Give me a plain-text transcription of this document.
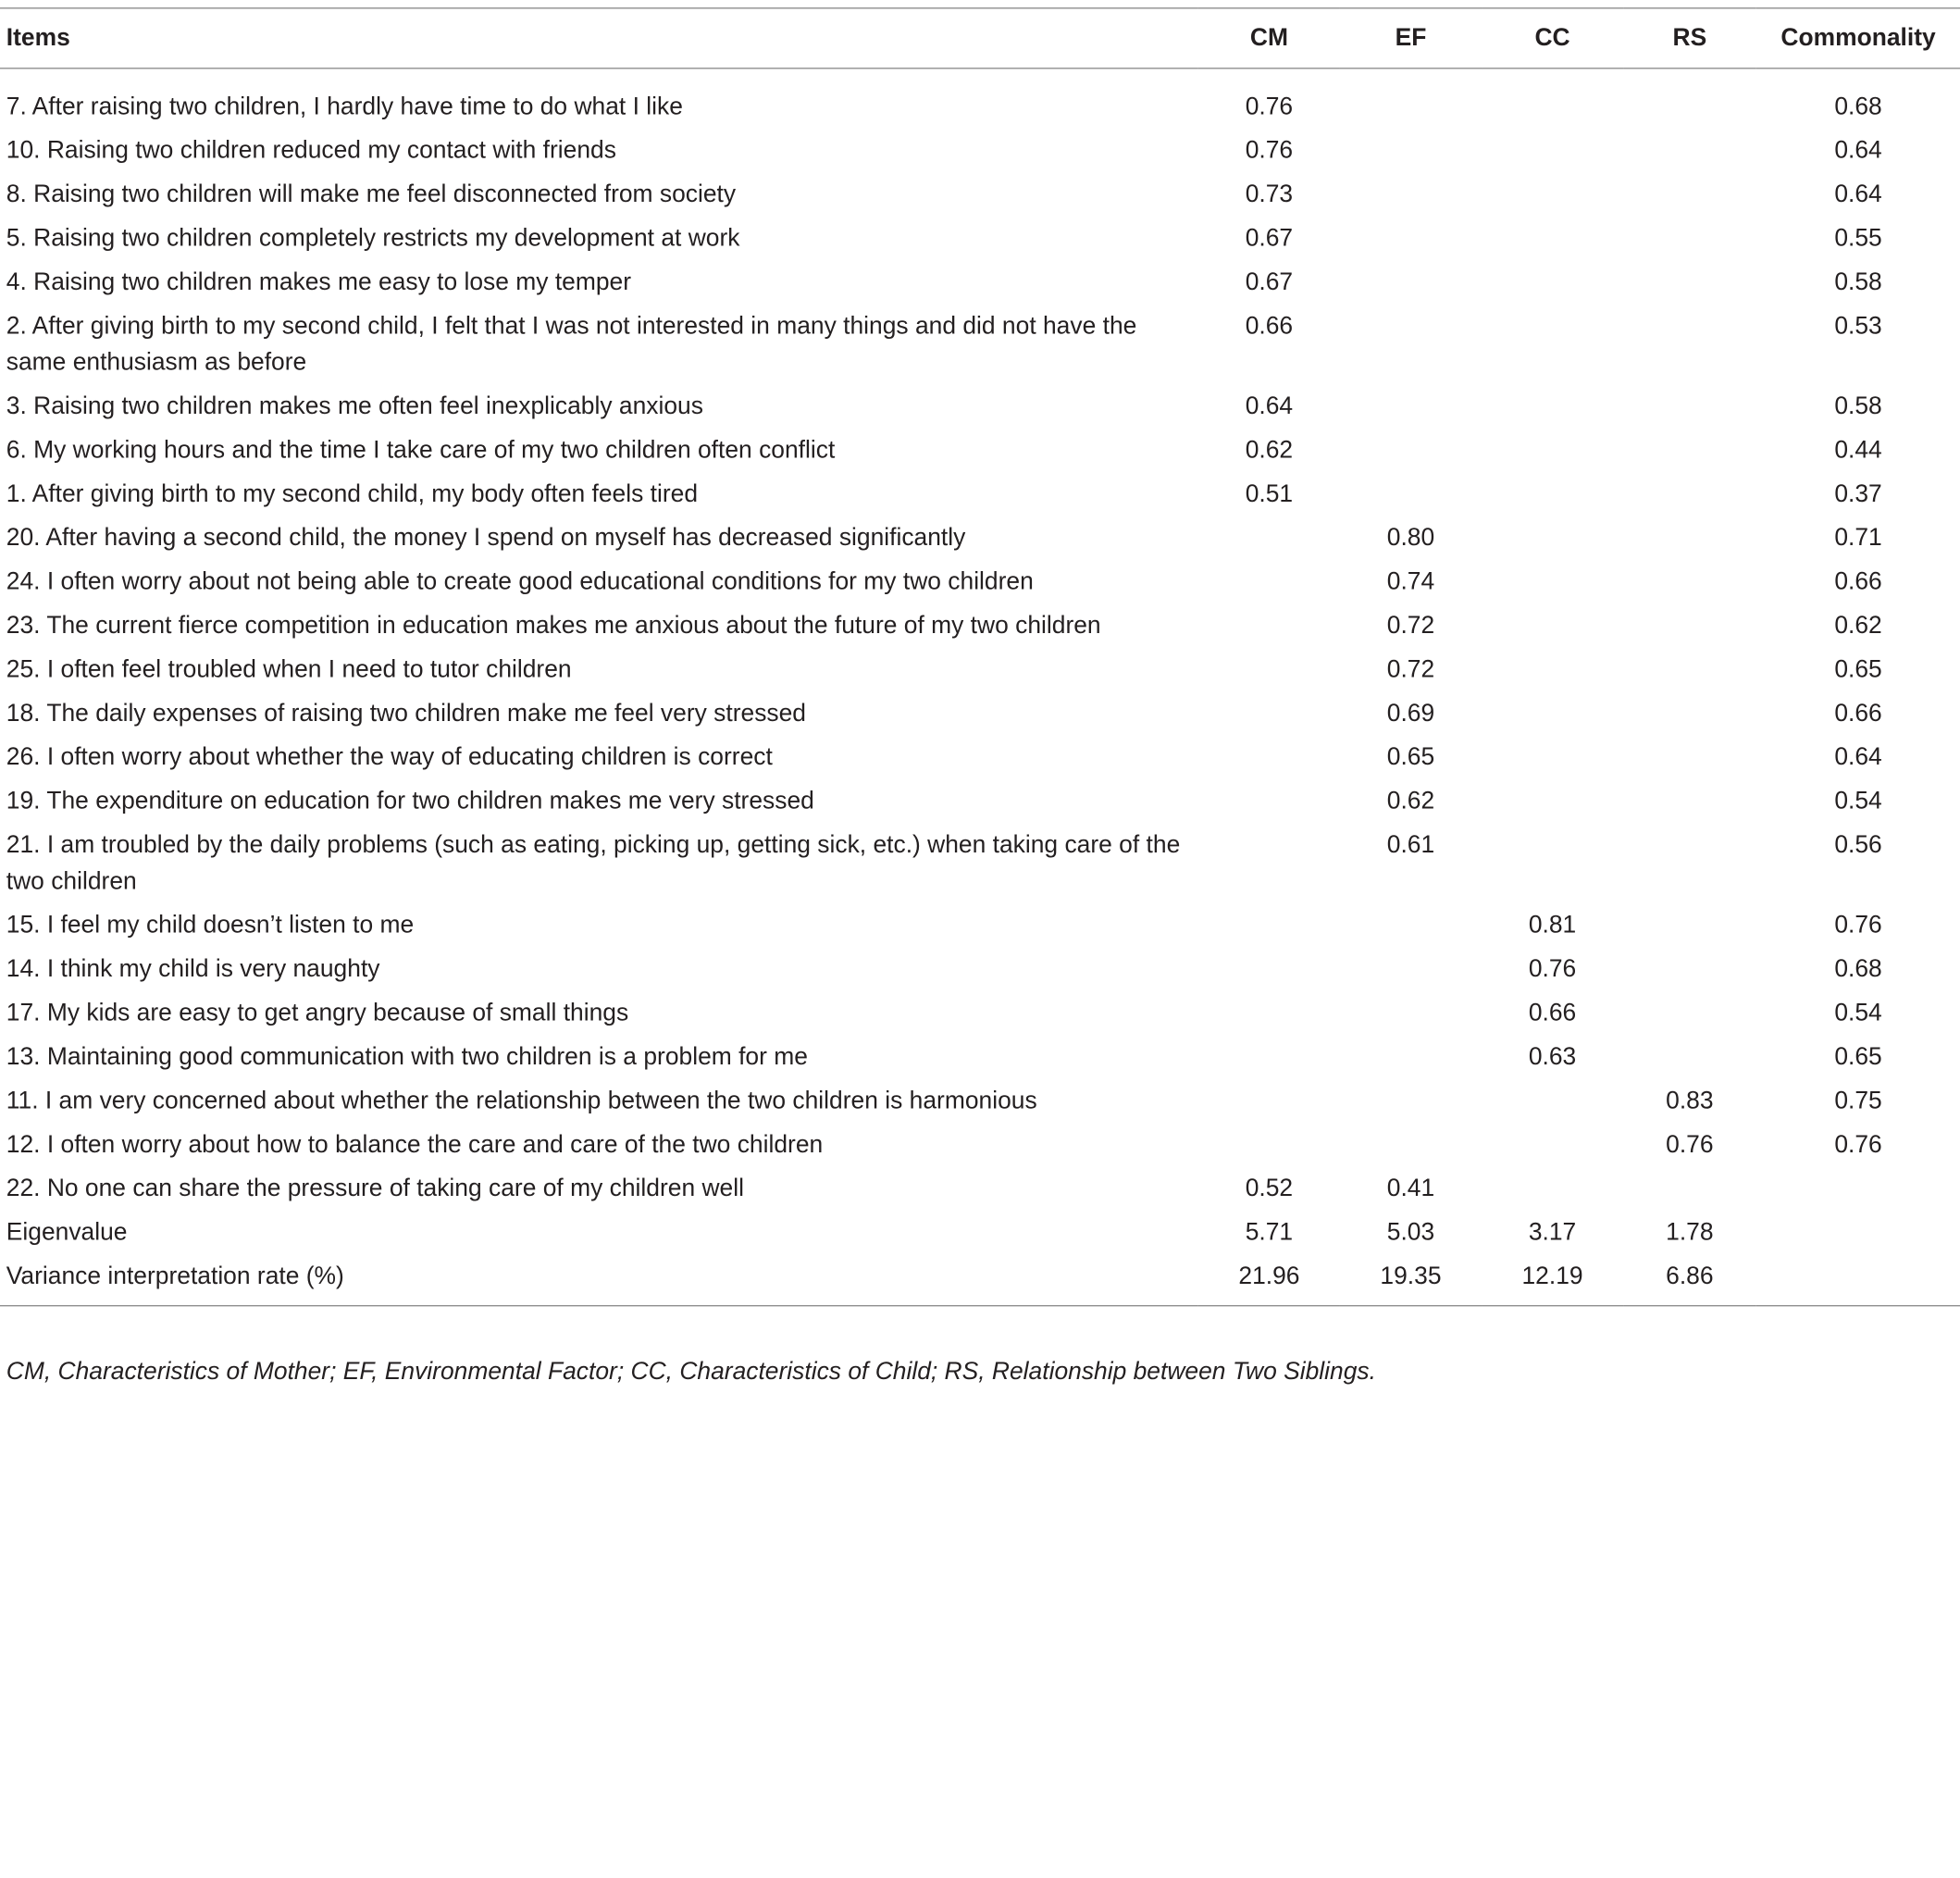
Items	CM	EF	CC	RS	Commonality
7. After raising two children, I hardly have time to do what I like	0.76				0.68
10. Raising two children reduced my contact with friends	0.76				0.64
8. Raising two children will make me feel disconnected from society	0.73				0.64
5. Raising two children completely restricts my development at work	0.67				0.55
4. Raising two children makes me easy to lose my temper	0.67				0.58
2. After giving birth to my second child, I felt that I was not interested in many things and did not have the same enthusiasm as before	0.66				0.53
3. Raising two children makes me often feel inexplicably anxious	0.64				0.58
6. My working hours and the time I take care of my two children often conflict	0.62				0.44
1. After giving birth to my second child, my body often feels tired	0.51				0.37
20. After having a second child, the money I spend on myself has decreased significantly		0.80			0.71
24. I often worry about not being able to create good educational conditions for my two children		0.74			0.66
23. The current fierce competition in education makes me anxious about the future of my two children		0.72			0.62
25. I often feel troubled when I need to tutor children		0.72			0.65
18. The daily expenses of raising two children make me feel very stressed		0.69			0.66
26. I often worry about whether the way of educating children is correct		0.65			0.64
19. The expenditure on education for two children makes me very stressed		0.62			0.54
21. I am troubled by the daily problems (such as eating, picking up, getting sick, etc.) when taking care of the two children		0.61			0.56
15. I feel my child doesn’t listen to me			0.81		0.76
14. I think my child is very naughty			0.76		0.68
17. My kids are easy to get angry because of small things			0.66		0.54
13. Maintaining good communication with two children is a problem for me			0.63		0.65
11. I am very concerned about whether the relationship between the two children is harmonious				0.83	0.75
12. I often worry about how to balance the care and care of the two children				0.76	0.76
22. No one can share the pressure of taking care of my children well	0.52	0.41			
Eigenvalue	5.71	5.03	3.17	1.78	
Variance interpretation rate (%)	21.96	19.35	12.19	6.86	

CM, Characteristics of Mother; EF, Environmental Factor; CC, Characteristics of Child; RS, Relationship between Two Siblings.
